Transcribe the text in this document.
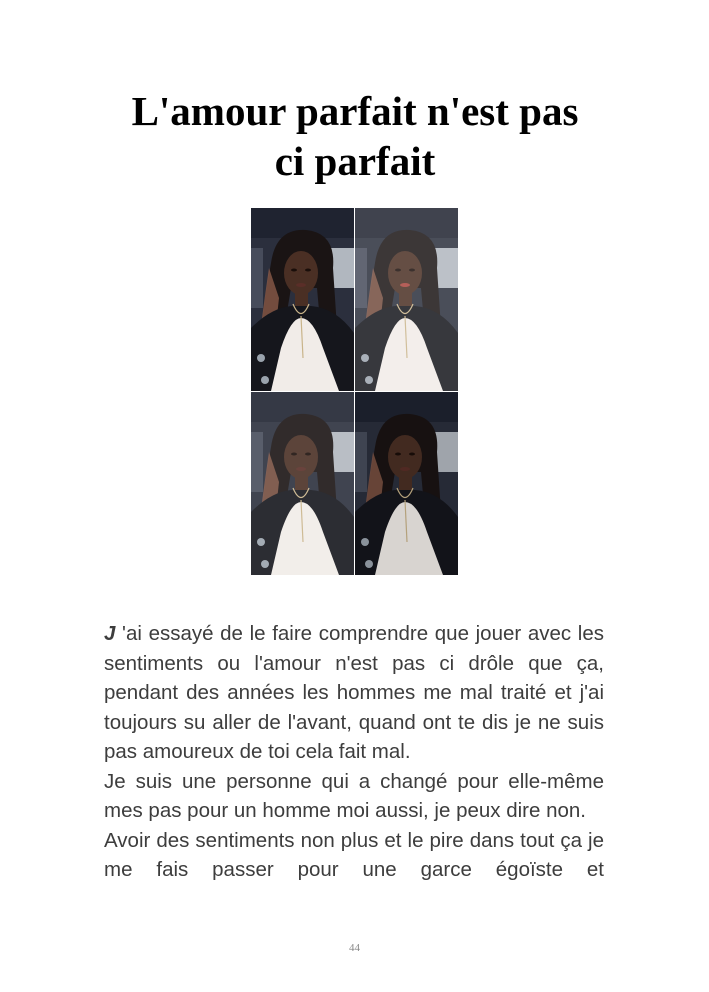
L'amour parfait n'est pas
ci parfait

J 'ai essayé de le faire comprendre que jouer avec les sentiments ou l'amour n'est pas ci drôle que ça, pendant des années les hommes me mal traité et j'ai toujours su aller de l'avant, quand ont te dis je ne suis pas amoureux de toi cela fait mal.

Je suis une personne qui a changé pour elle-même mes pas pour un homme moi aussi, je peux dire non.

Avoir des sentiments non plus et le pire dans tout ça je me fais passer pour une garce égoïste et

44
